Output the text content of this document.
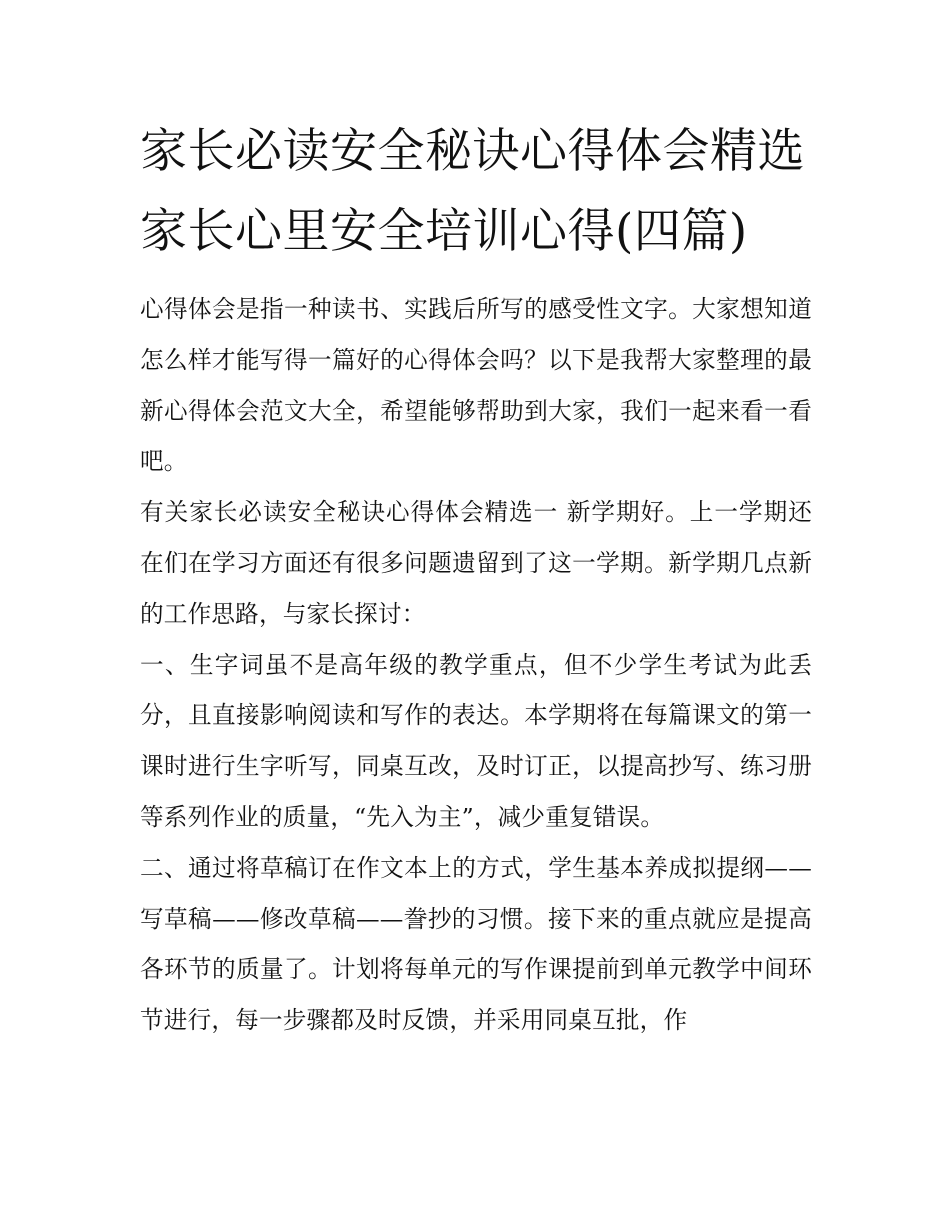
家长必读安全秘诀心得体会精选 家长心里安全培训心得(四篇)

心得体会是指一种读书、实践后所写的感受性文字。大家想知道怎么样才能写得一篇好的心得体会吗？以下是我帮大家整理的最新心得体会范文大全，希望能够帮助到大家，我们一起来看一看吧。

有关家长必读安全秘诀心得体会精选一 新学期好。上一学期还在们在学习方面还有很多问题遗留到了这一学期。新学期几点新的工作思路，与家长探讨：

一、生字词虽不是高年级的教学重点，但不少学生考试为此丢分，且直接影响阅读和写作的表达。本学期将在每篇课文的第一课时进行生字听写，同桌互改，及时订正，以提高抄写、练习册等系列作业的质量，“先入为主”，减少重复错误。

二、通过将草稿订在作文本上的方式，学生基本养成拟提纲——写草稿——修改草稿——誊抄的习惯。接下来的重点就应是提高各环节的质量了。计划将每单元的写作课提前到单元教学中间环节进行，每一步骤都及时反馈，并采用同桌互批，作
